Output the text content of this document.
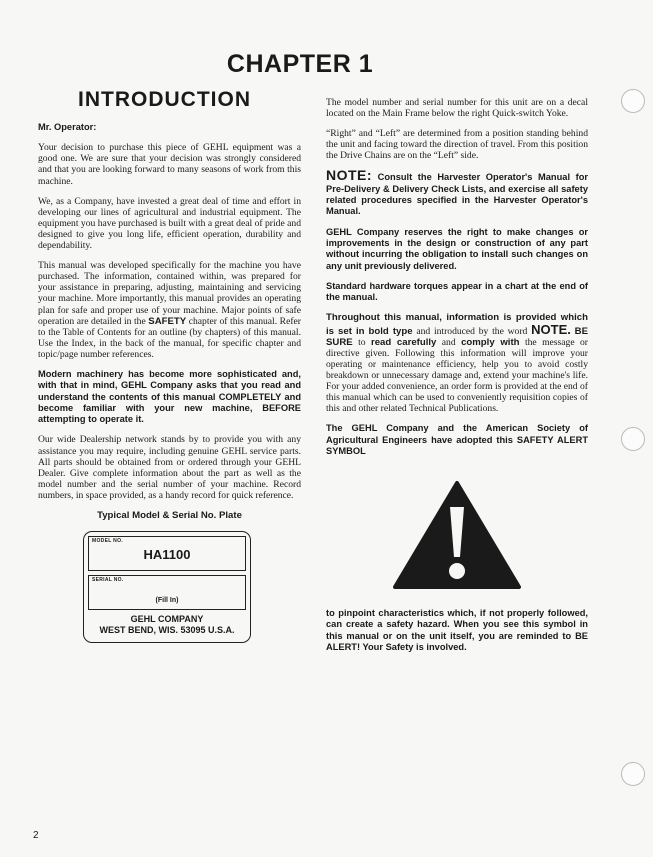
CHAPTER 1
INTRODUCTION

Mr. Operator:

Your decision to purchase this piece of GEHL equipment was a good one. We are sure that your decision was strongly considered and that you are looking forward to many seasons of work from this machine.

We, as a Company, have invested a great deal of time and effort in developing our lines of agricultural and industrial equipment. The equipment you have purchased is built with a great deal of pride and designed to give you long life, efficient operation, durability and dependability.

This manual was developed specifically for the machine you have purchased. The information, contained within, was prepared for your assistance in preparing, adjusting, maintaining and servicing your machine. More importantly, this manual provides an operating plan for safe and proper use of your machine. Major points of safe operation are detailed in the SAFETY chapter of this manual. Refer to the Table of Contents for an outline (by chapters) of this manual. Use the Index, in the back of the manual, for specific chapter and topic/page number references.

Modern machinery has become more sophisticated and, with that in mind, GEHL Company asks that you read and understand the contents of this manual COMPLETELY and become familiar with your new machine, BEFORE attempting to operate it.

Our wide Dealership network stands by to provide you with any assistance you may require, including genuine GEHL service parts. All parts should be obtained from or ordered through your GEHL Dealer. Give complete information about the part as well as the model number and the serial number of your machine. Record numbers, in space provided, as a handy record for quick reference.

Typical Model & Serial No. Plate
MODEL NO.
HA1100
SERIAL NO.
(Fill In)
GEHL COMPANY
WEST BEND, WIS. 53095 U.S.A.

The model number and serial number for this unit are on a decal located on the Main Frame below the right Quick-switch Yoke.

“Right” and “Left” are determined from a position standing behind the unit and facing toward the direction of travel. From this position the Drive Chains are on the “Left” side.

NOTE: Consult the Harvester Operator's Manual for Pre-Delivery & Delivery Check Lists, and exercise all safety related procedures specified in the Harvester Operator's Manual.

GEHL Company reserves the right to make changes or improvements in the design or construction of any part without incurring the obligation to install such changes on any unit previously delivered.

Standard hardware torques appear in a chart at the end of the manual.

Throughout this manual, information is provided which is set in bold type and introduced by the word NOTE. BE SURE to read carefully and comply with the message or directive given. Following this information will improve your operating or maintenance efficiency, help you to avoid costly breakdown or unnecessary damage and, extend your machine's life. For your added convenience, an order form is provided at the end of this manual which can be used to conveniently requisition copies of this and other related Technical Publications.

The GEHL Company and the American Society of Agricultural Engineers have adopted this SAFETY ALERT SYMBOL

to pinpoint characteristics which, if not properly followed, can create a safety hazard. When you see this symbol in this manual or on the unit itself, you are reminded to BE ALERT! Your Safety is involved.

2
